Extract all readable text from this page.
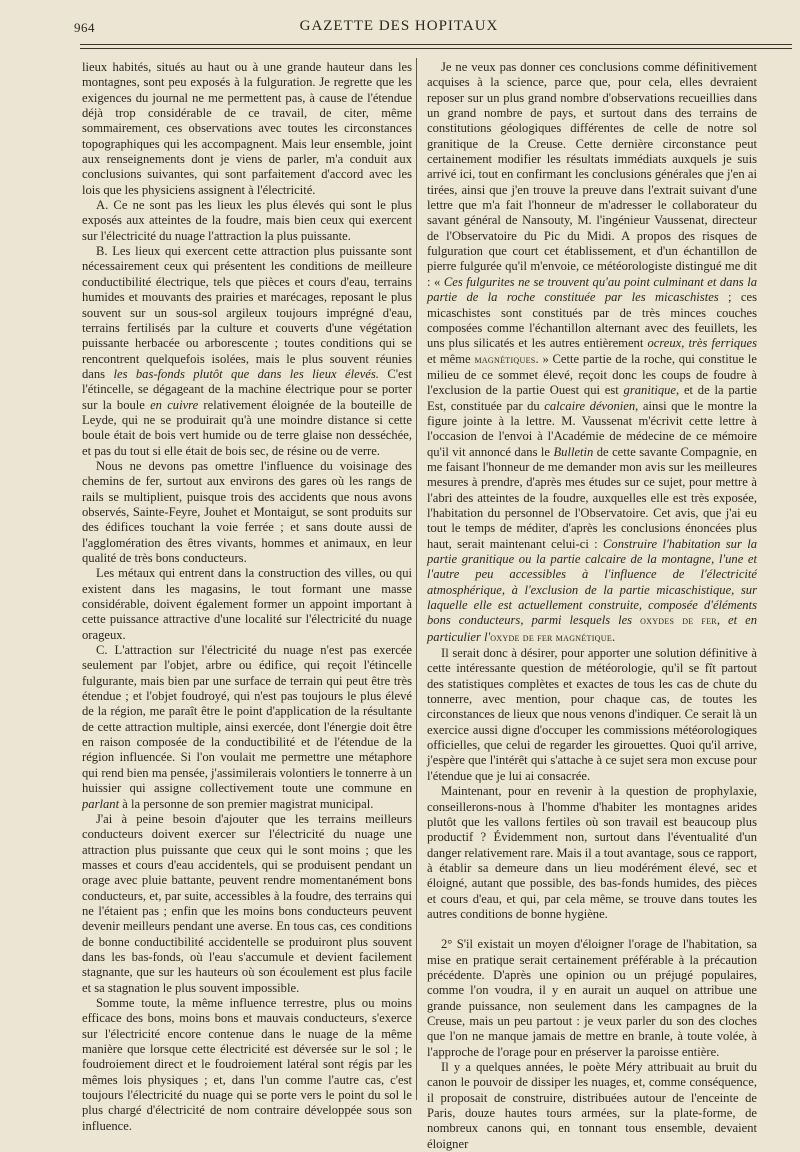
964	GAZETTE DES HOPITAUX

lieux habités, situés au haut ou à une grande hauteur dans les montagnes, sont peu exposés à la fulguration. Je regrette que les exigences du journal ne me permettent pas, à cause de l'étendue déjà trop considérable de ce travail, de citer, même sommairement, ces observations avec toutes les circonstances topographiques qui les accompagnent. Mais leur ensemble, joint aux renseignements dont je viens de parler, m'a conduit aux conclusions suivantes, qui sont parfaitement d'accord avec les lois que les physiciens assignent à l'électricité.

A. Ce ne sont pas les lieux les plus élevés qui sont le plus exposés aux atteintes de la foudre, mais bien ceux qui exercent sur l'électricité du nuage l'attraction la plus puissante.

B. Les lieux qui exercent cette attraction plus puissante sont nécessairement ceux qui présentent les conditions de meilleure conductibilité électrique, tels que pièces et cours d'eau, terrains humides et mouvants des prairies et marécages, reposant le plus souvent sur un sous-sol argileux toujours imprégné d'eau, terrains fertilisés par la culture et couverts d'une végétation puissante herbacée ou arborescente ; toutes conditions qui se rencontrent quelquefois isolées, mais le plus souvent réunies dans les bas-fonds plutôt que dans les lieux élevés. C'est l'étincelle, se dégageant de la machine électrique pour se porter sur la boule en cuivre relativement éloignée de la bouteille de Leyde, qui ne se produirait qu'à une moindre distance si cette boule était de bois vert humide ou de terre glaise non desséchée, et pas du tout si elle était de bois sec, de résine ou de verre.

Nous ne devons pas omettre l'influence du voisinage des chemins de fer, surtout aux environs des gares où les rangs de rails se multiplient, puisque trois des accidents que nous avons observés, Sainte-Feyre, Jouhet et Montaigut, se sont produits sur des édifices touchant la voie ferrée ; et sans doute aussi de l'agglomération des êtres vivants, hommes et animaux, en leur qualité de très bons conducteurs.

Les métaux qui entrent dans la construction des villes, ou qui existent dans les magasins, le tout formant une masse considérable, doivent également former un appoint important à cette puissance attractive d'une localité sur l'électricité du nuage orageux.

C. L'attraction sur l'électricité du nuage n'est pas exercée seulement par l'objet, arbre ou édifice, qui reçoit l'étincelle fulgurante, mais bien par une surface de terrain qui peut être très étendue ; et l'objet foudroyé, qui n'est pas toujours le plus élevé de la région, me paraît être le point d'application de la résultante de cette attraction multiple, ainsi exercée, dont l'énergie doit être en raison composée de la conductibilité et de l'étendue de la région influencée. Si l'on voulait me permettre une métaphore qui rend bien ma pensée, j'assimilerais volontiers le tonnerre à un huissier qui assigne collectivement toute une commune en parlant à la personne de son premier magistrat municipal.

J'ai à peine besoin d'ajouter que les terrains meilleurs conducteurs doivent exercer sur l'électricité du nuage une attraction plus puissante que ceux qui le sont moins ; que les masses et cours d'eau accidentels, qui se produisent pendant un orage avec pluie battante, peuvent rendre momentanément bons conducteurs, et, par suite, accessibles à la foudre, des terrains qui ne l'étaient pas ; enfin que les moins bons conducteurs peuvent devenir meilleurs pendant une averse. En tous cas, ces conditions de bonne conductibilité accidentelle se produiront plus souvent dans les bas-fonds, où l'eau s'accumule et devient facilement stagnante, que sur les hauteurs où son écoulement est plus facile et sa stagnation le plus souvent impossible.

Somme toute, la même influence terrestre, plus ou moins efficace des bons, moins bons et mauvais conducteurs, s'exerce sur l'électricité encore contenue dans le nuage de la même manière que lorsque cette électricité est déversée sur le sol ; le foudroiement direct et le foudroiement latéral sont régis par les mêmes lois physiques ; et, dans l'un comme l'autre cas, c'est toujours l'électricité du nuage qui se porte vers le point du sol le plus chargé d'électricité de nom contraire développée sous son influence.

Je ne veux pas donner ces conclusions comme définitivement acquises à la science, parce que, pour cela, elles devraient reposer sur un plus grand nombre d'observations recueillies dans un grand nombre de pays, et surtout dans des terrains de constitutions géologiques différentes de celle de notre sol granitique de la Creuse. Cette dernière circonstance peut certainement modifier les résultats immédiats auxquels je suis arrivé ici, tout en confirmant les conclusions générales que j'en ai tirées, ainsi que j'en trouve la preuve dans l'extrait suivant d'une lettre que m'a fait l'honneur de m'adresser le collaborateur du savant général de Nansouty, M. l'ingénieur Vaussenat, directeur de l'Observatoire du Pic du Midi. A propos des risques de fulguration que court cet établissement, et d'un échantillon de pierre fulgurée qu'il m'envoie, ce météorologiste distingué me dit : « Ces fulgurites ne se trouvent qu'au point culminant et dans la partie de la roche constituée par les micaschistes ; ces micaschistes sont constitués par de très minces couches composées comme l'échantillon alternant avec des feuillets, les uns plus silicatés et les autres entièrement ocreux, très ferriques et même magnétiques. » Cette partie de la roche, qui constitue le milieu de ce sommet élevé, reçoit donc les coups de foudre à l'exclusion de la partie Ouest qui est granitique, et de la partie Est, constituée par du calcaire dévonien, ainsi que le montre la figure jointe à la lettre. M. Vaussenat m'écrivit cette lettre à l'occasion de l'envoi à l'Académie de médecine de ce mémoire qu'il vit annoncé dans le Bulletin de cette savante Compagnie, en me faisant l'honneur de me demander mon avis sur les meilleures mesures à prendre, d'après mes études sur ce sujet, pour mettre à l'abri des atteintes de la foudre, auxquelles elle est très exposée, l'habitation du personnel de l'Observatoire. Cet avis, que j'ai eu tout le temps de méditer, d'après les conclusions énoncées plus haut, serait maintenant celui-ci : Construire l'habitation sur la partie granitique ou la partie calcaire de la montagne, l'une et l'autre peu accessibles à l'influence de l'électricité atmosphérique, à l'exclusion de la partie micaschistique, sur laquelle elle est actuellement construite, composée d'éléments bons conducteurs, parmi lesquels les oxydes de fer, et en particulier l'oxyde de fer magnétique.

Il serait donc à désirer, pour apporter une solution définitive à cette intéressante question de météorologie, qu'il se fît partout des statistiques complètes et exactes de tous les cas de chute du tonnerre, avec mention, pour chaque cas, de toutes les circonstances de lieux que nous venons d'indiquer. Ce serait là un exercice aussi digne d'occuper les commissions météorologiques officielles, que celui de regarder les girouettes. Quoi qu'il arrive, j'espère que l'intérêt qui s'attache à ce sujet sera mon excuse pour l'étendue que je lui ai consacrée.

Maintenant, pour en revenir à la question de prophylaxie, conseillerons-nous à l'homme d'habiter les montagnes arides plutôt que les vallons fertiles où son travail est beaucoup plus productif ? Évidemment non, surtout dans l'éventualité d'un danger relativement rare. Mais il a tout avantage, sous ce rapport, à établir sa demeure dans un lieu modérément élevé, sec et éloigné, autant que possible, des bas-fonds humides, des pièces et cours d'eau, et qui, par cela même, se trouve dans toutes les autres conditions de bonne hygiène.

2° S'il existait un moyen d'éloigner l'orage de l'habitation, sa mise en pratique serait certainement préférable à la précaution précédente. D'après une opinion ou un préjugé populaires, comme l'on voudra, il y en aurait un auquel on attribue une grande puissance, non seulement dans les campagnes de la Creuse, mais un peu partout : je veux parler du son des cloches que l'on ne manque jamais de mettre en branle, à toute volée, à l'approche de l'orage pour en préserver la paroisse entière.

Il y a quelques années, le poète Méry attribuait au bruit du canon le pouvoir de dissiper les nuages, et, comme conséquence, il proposait de construire, distribuées autour de l'enceinte de Paris, douze hautes tours armées, sur la plate-forme, de nombreux canons qui, en tonnant tous ensemble, devaient éloigner
